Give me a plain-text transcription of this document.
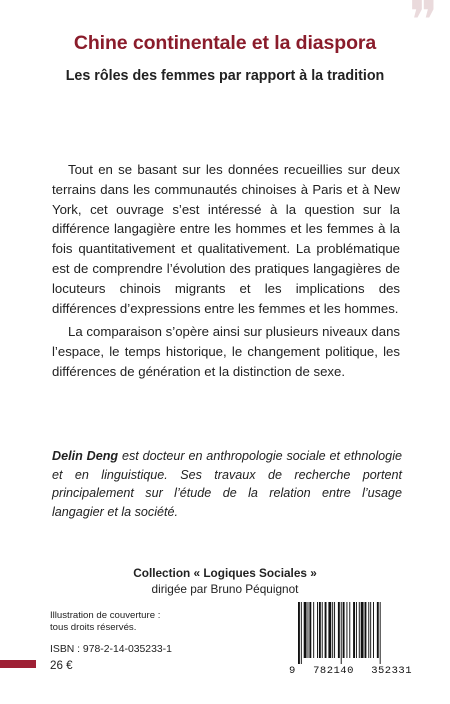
❞
Chine continentale et la diaspora
Les rôles des femmes par rapport à la tradition

Tout en se basant sur les données recueillies sur deux terrains dans les communautés chinoises à Paris et à New York, cet ouvrage s’est intéressé à la question sur la différence langagière entre les hommes et les femmes à la fois quantitativement et qualitativement. La problématique est de comprendre l’évolution des pratiques langagières de locuteurs chinois migrants et les implications des différences d’expressions entre les femmes et les hommes.

La comparaison s’opère ainsi sur plusieurs niveaux dans l’espace, le temps historique, le changement politique, les différences de génération et la distinction de sexe.

Delin Deng est docteur en anthropologie sociale et ethnologie et en linguistique. Ses travaux de recherche portent principalement sur l’étude de la relation entre l’usage langagier et la société.

Collection « Logiques Sociales »
dirigée par Bruno Péquignot
Illustration de couverture :
tous droits réservés.
ISBN : 978-2-14-035233-1
26 €	9 782140 352331
